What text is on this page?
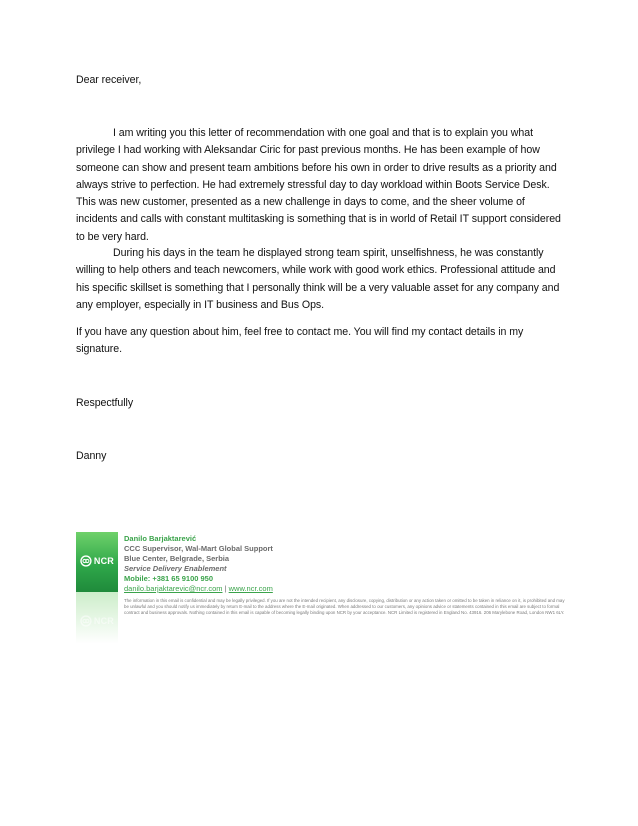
Dear receiver,

I am writing you this letter of recommendation with one goal and that is to explain you what privilege I had working with Aleksandar Ciric for past previous months. He has been example of how someone can show and present team ambitions before his own in order to drive results as a priority and always strive to perfection. He had extremely stressful day to day workload within Boots Service Desk. This was new customer, presented as a new challenge in days to come, and the sheer volume of incidents and calls with constant multitasking is something that is in world of Retail IT support considered to be very hard.

During his days in the team he displayed strong team spirit, unselfishness, he was constantly willing to help others and teach newcomers, while work with good work ethics. Professional attitude and his specific skillset is something that I personally think will be a very valuable asset for any company and any employer, especially in IT business and Bus Ops.

If you have any question about him, feel free to contact me. You will find my contact details in my signature.

Respectfully

Danny

NCR
NCR
Danilo Barjaktarević
CCC Supervisor, Wal-Mart Global Support
Blue Center, Belgrade, Serbia
Service Delivery Enablement
Mobile: +381 65 9100 950
danilo.barjaktarevic@ncr.com | www.ncr.com
The information in this email is confidential and may be legally privileged. If you are not the intended recipient, any disclosure, copying, distribution or any action taken or omitted to be taken in reliance on it, is prohibited and may be unlawful and you should notify us immediately by return E-mail to the address where the E-mail originated. When addressed to our customers, any opinions advice or statements contained in this email are subject to formal contract and business approvals. Nothing contained in this email is capable of becoming legally binding upon NCR by your acceptance. NCR Limited is registered in England No. 43916. 206 Marylebone Road, London NW1 6LY.
